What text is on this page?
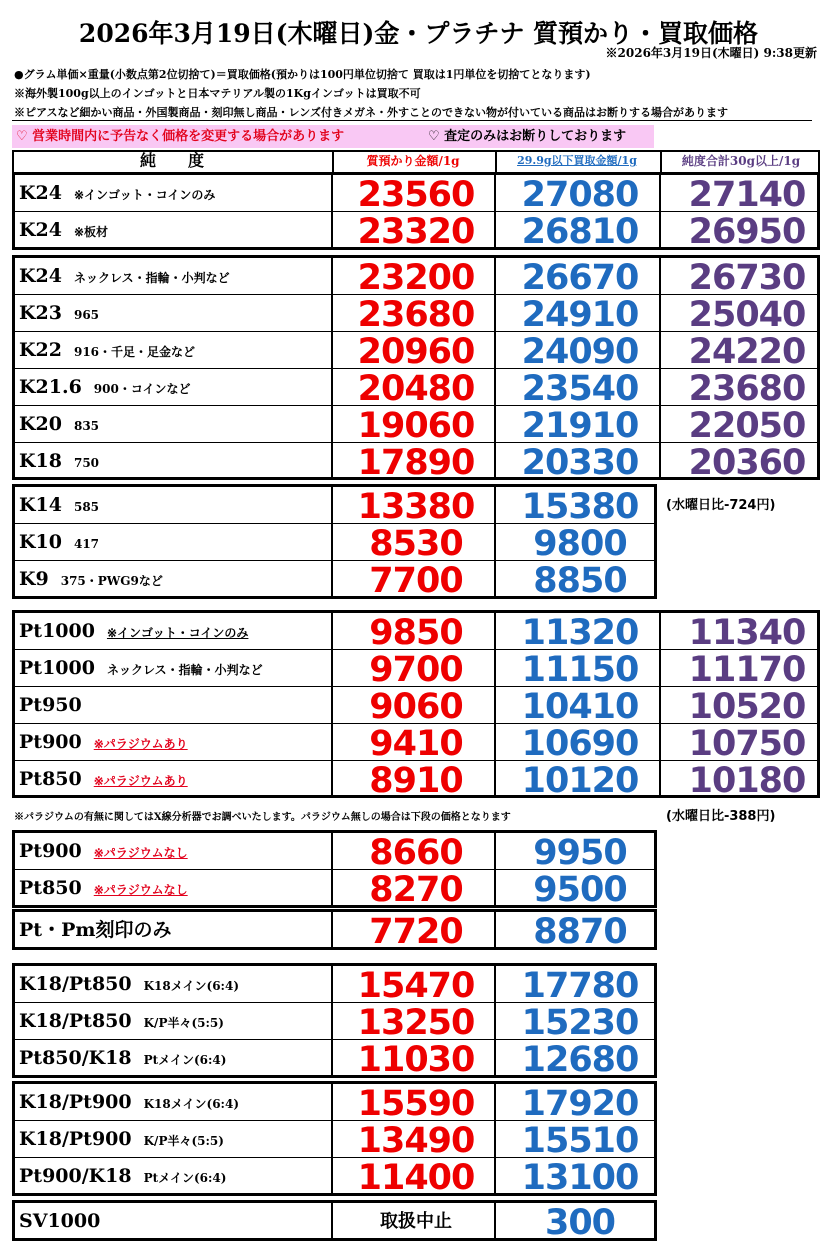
2026年3月19日(木曜日)金・プラチナ 質預かり・買取価格
※2026年3月19日(木曜日) 9:38更新
●グラム単価×重量(小数点第2位切捨て)＝買取価格(預かりは100円単位切捨て 買取は1円単位を切捨てとなります)
※海外製100g以上のインゴットと日本マテリアル製の1Kgインゴットは買取不可
※ピアスなど細かい商品・外国製商品・刻印無し商品・レンズ付きメガネ・外すことのできない物が付いている商品はお断りする場合があります
♡ 営業時間内に予告なく価格を変更する場合があります	♡ 査定のみはお断りしております
純　　度	質預かり金額/1g	29.9g以下買取金額/1g	純度合計30g以上/1g
K24 ※インゴット・コインのみ	23560	27080	27140
K24 ※板材	23320	26810	26950
K24 ネックレス・指輪・小判など	23200	26670	26730
K23 965	23680	24910	25040
K22 916・千足・足金など	20960	24090	24220
K21.6 900・コインなど	20480	23540	23680
K20 835	19060	21910	22050
K18 750	17890	20330	20360
K14 585	13380	15380
K10 417	8530	9800
K9 375・PWG9など	7700	8850
(水曜日比-724円)
Pt1000 ※インゴット・コインのみ	9850	11320	11340
Pt1000 ネックレス・指輪・小判など	9700	11150	11170
Pt950	9060	10410	10520
Pt900 ※パラジウムあり	9410	10690	10750
Pt850 ※パラジウムあり	8910	10120	10180
※パラジウムの有無に関してはX線分析器でお調べいたします。パラジウム無しの場合は下段の価格となります	(水曜日比-388円)
Pt900 ※パラジウムなし	8660	9950
Pt850 ※パラジウムなし	8270	9500
Pt・Pm刻印のみ	7720	8870
K18/Pt850 K18メイン(6:4)	15470	17780
K18/Pt850 K/P半々(5:5)	13250	15230
Pt850/K18 Ptメイン(6:4)	11030	12680
K18/Pt900 K18メイン(6:4)	15590	17920
K18/Pt900 K/P半々(5:5)	13490	15510
Pt900/K18 Ptメイン(6:4)	11400	13100
SV1000	取扱中止	300
